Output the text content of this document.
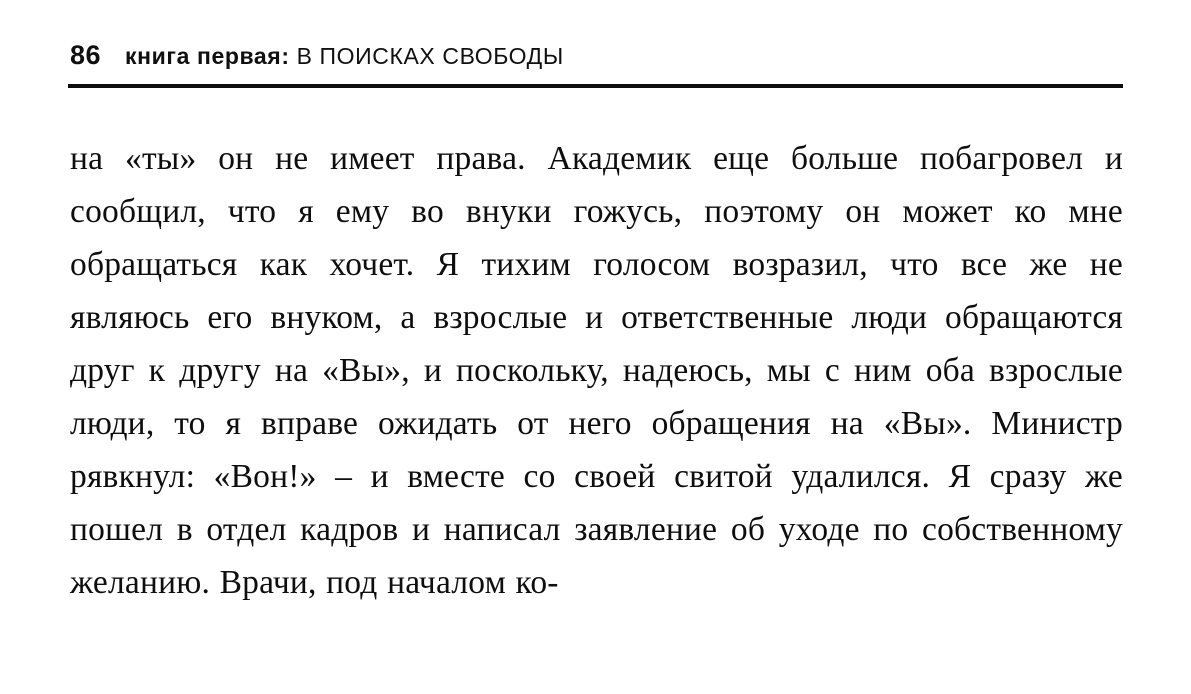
86 книга первая: В ПОИСКАХ СВОБОДЫ

на «ты» он не имеет права. Академик еще больше побагровел и сообщил, что я ему во внуки гожусь, поэтому он может ко мне обращаться как хочет. Я тихим голосом возразил, что все же не являюсь его внуком, а взрослые и ответственные люди обращаются друг к другу на «Вы», и поскольку, надеюсь, мы с ним оба взрослые люди, то я вправе ожидать от него обращения на «Вы». Министр рявкнул: «Вон!» – и вместе со своей свитой удалился. Я сразу же пошел в отдел кадров и написал заявление об уходе по собственному желанию. Врачи, под началом ко-
